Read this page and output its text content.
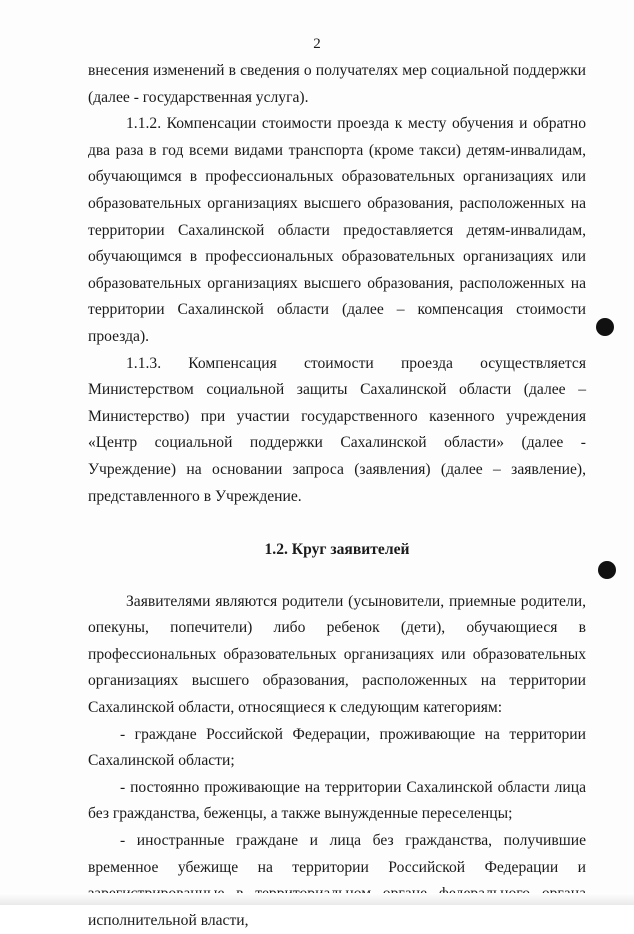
2

внесения изменений в сведения о получателях мер социальной поддержки (далее - государственная услуга).

1.1.2. Компенсации стоимости проезда к месту обучения и обратно два раза в год всеми видами транспорта (кроме такси) детям-инвалидам, обучающимся в профессиональных образовательных организациях или образовательных организациях высшего образования, расположенных на территории Сахалинской области предоставляется детям-инвалидам, обучающимся в профессиональных образовательных организациях или образовательных организациях высшего образования, расположенных на территории Сахалинской области (далее – компенсация стоимости проезда).

1.1.3. Компенсация стоимости проезда осуществляется Министерством социальной защиты Сахалинской области (далее –Министерство) при участии государственного казенного учреждения «Центр социальной поддержки Сахалинской области» (далее - Учреждение) на основании запроса (заявления) (далее – заявление), представленного в Учреждение.

1.2. Круг заявителей

Заявителями являются родители (усыновители, приемные родители, опекуны, попечители) либо ребенок (дети), обучающиеся в профессиональных образовательных организациях или образовательных организациях высшего образования, расположенных на территории Сахалинской области, относящиеся к следующим категориям:

- граждане Российской Федерации, проживающие на территории Сахалинской области;

- постоянно проживающие на территории Сахалинской области лица без гражданства, беженцы, а также вынужденные переселенцы;

- иностранные граждане и лица без гражданства, получившие временное убежище на территории Российской Федерации и исполнительной власти,
